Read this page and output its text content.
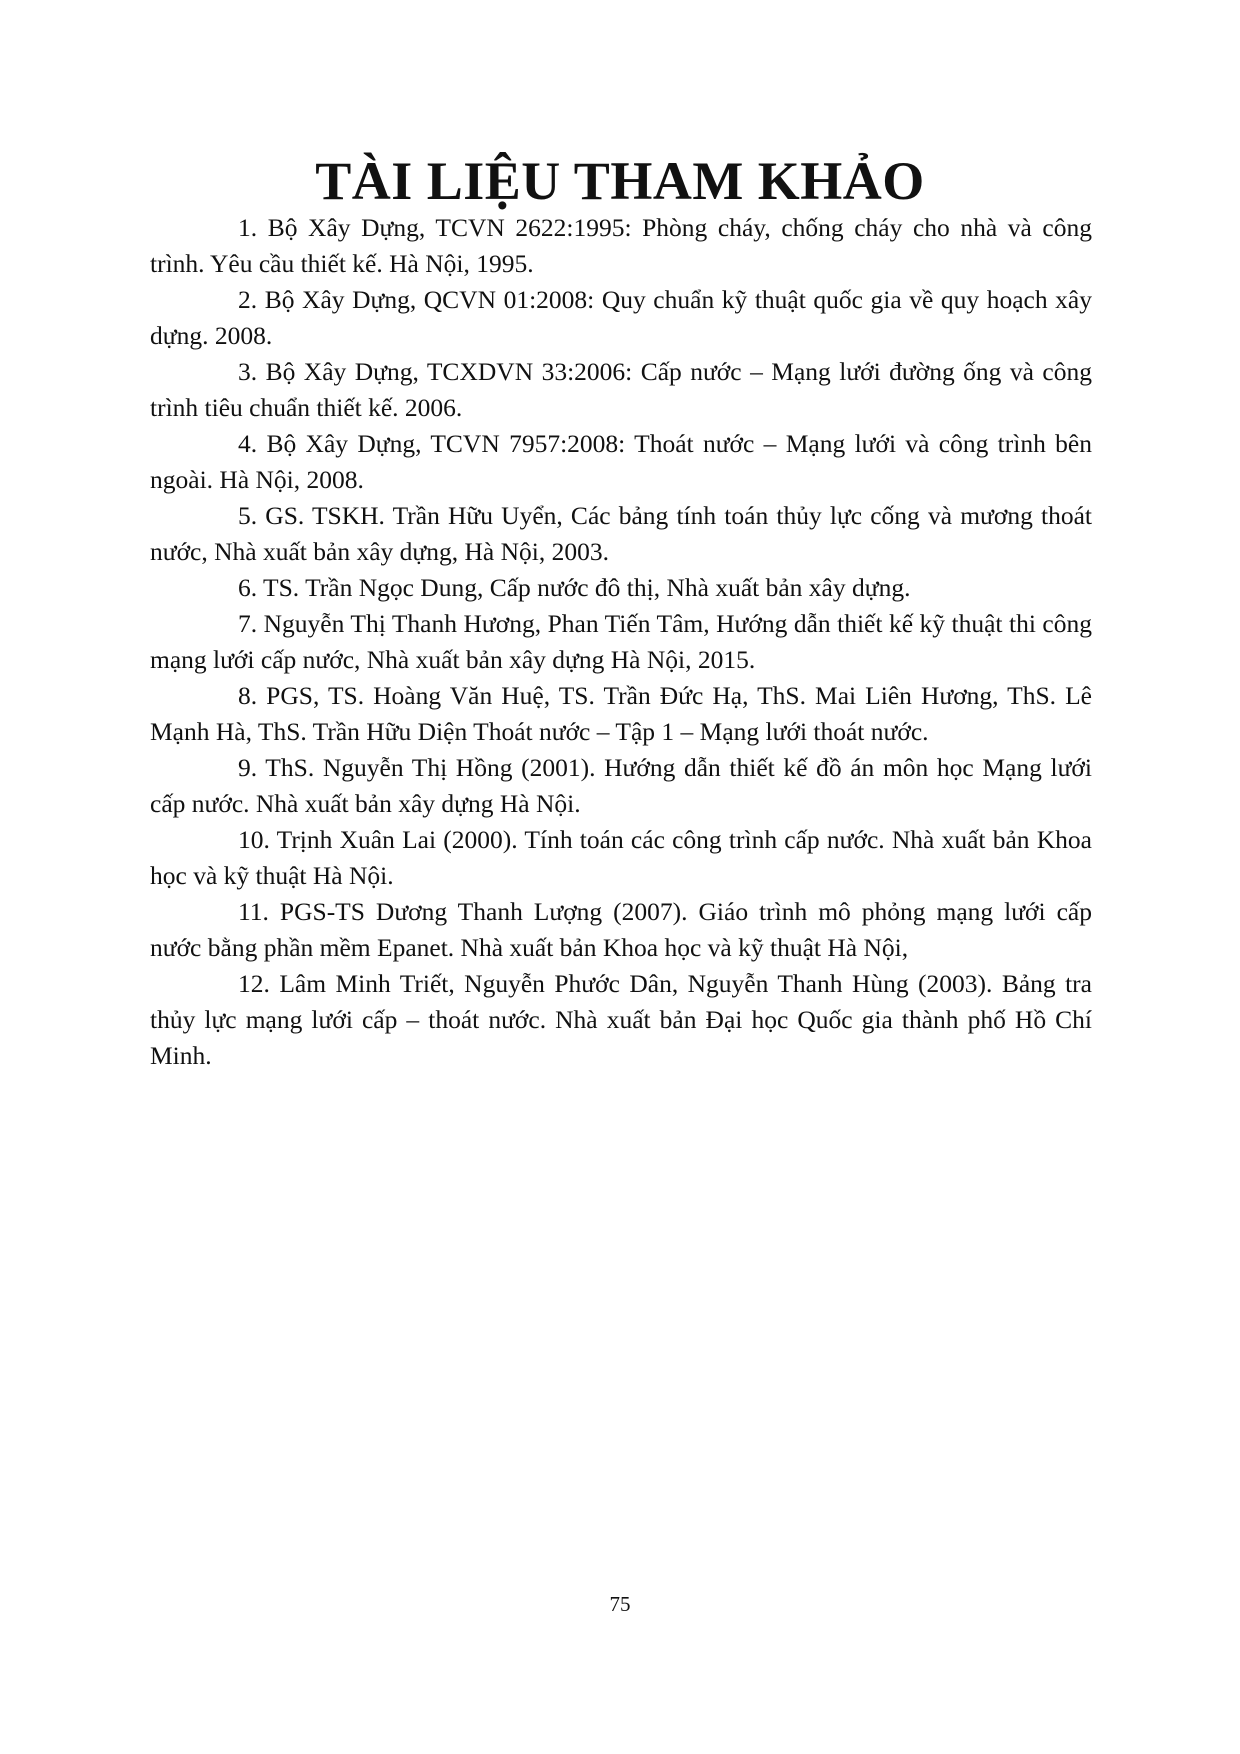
TÀI LIỆU THAM KHẢO
1. Bộ Xây Dựng, TCVN 2622:1995: Phòng cháy, chống cháy cho nhà và công trình. Yêu cầu thiết kế. Hà Nội, 1995.
2. Bộ Xây Dựng, QCVN 01:2008: Quy chuẩn kỹ thuật quốc gia về quy hoạch xây dựng. 2008.
3. Bộ Xây Dựng, TCXDVN 33:2006: Cấp nước – Mạng lưới đường ống và công trình tiêu chuẩn thiết kế. 2006.
4. Bộ Xây Dựng, TCVN 7957:2008: Thoát nước – Mạng lưới và công trình bên ngoài. Hà Nội, 2008.
5. GS. TSKH. Trần Hữu Uyển, Các bảng tính toán thủy lực cống và mương thoát nước, Nhà xuất bản xây dựng, Hà Nội, 2003.
6. TS. Trần Ngọc Dung, Cấp nước đô thị, Nhà xuất bản xây dựng.
7. Nguyễn Thị Thanh Hương, Phan Tiến Tâm, Hướng dẫn thiết kế kỹ thuật thi công mạng lưới cấp nước, Nhà xuất bản xây dựng Hà Nội, 2015.
8. PGS, TS. Hoàng Văn Huệ, TS. Trần Đức Hạ, ThS. Mai Liên Hương, ThS. Lê Mạnh Hà, ThS. Trần Hữu Diện Thoát nước – Tập 1 – Mạng lưới thoát nước.
9. ThS. Nguyễn Thị Hồng (2001). Hướng dẫn thiết kế đồ án môn học Mạng lưới cấp nước. Nhà xuất bản xây dựng Hà Nội.
10. Trịnh Xuân Lai (2000). Tính toán các công trình cấp nước. Nhà xuất bản Khoa học và kỹ thuật Hà Nội.
11. PGS-TS Dương Thanh Lượng (2007). Giáo trình mô phỏng mạng lưới cấp nước bằng phần mềm Epanet. Nhà xuất bản Khoa học và kỹ thuật Hà Nội,
12. Lâm Minh Triết, Nguyễn Phước Dân, Nguyễn Thanh Hùng (2003). Bảng tra thủy lực mạng lưới cấp – thoát nước. Nhà xuất bản Đại học Quốc gia thành phố Hồ Chí Minh.
75
